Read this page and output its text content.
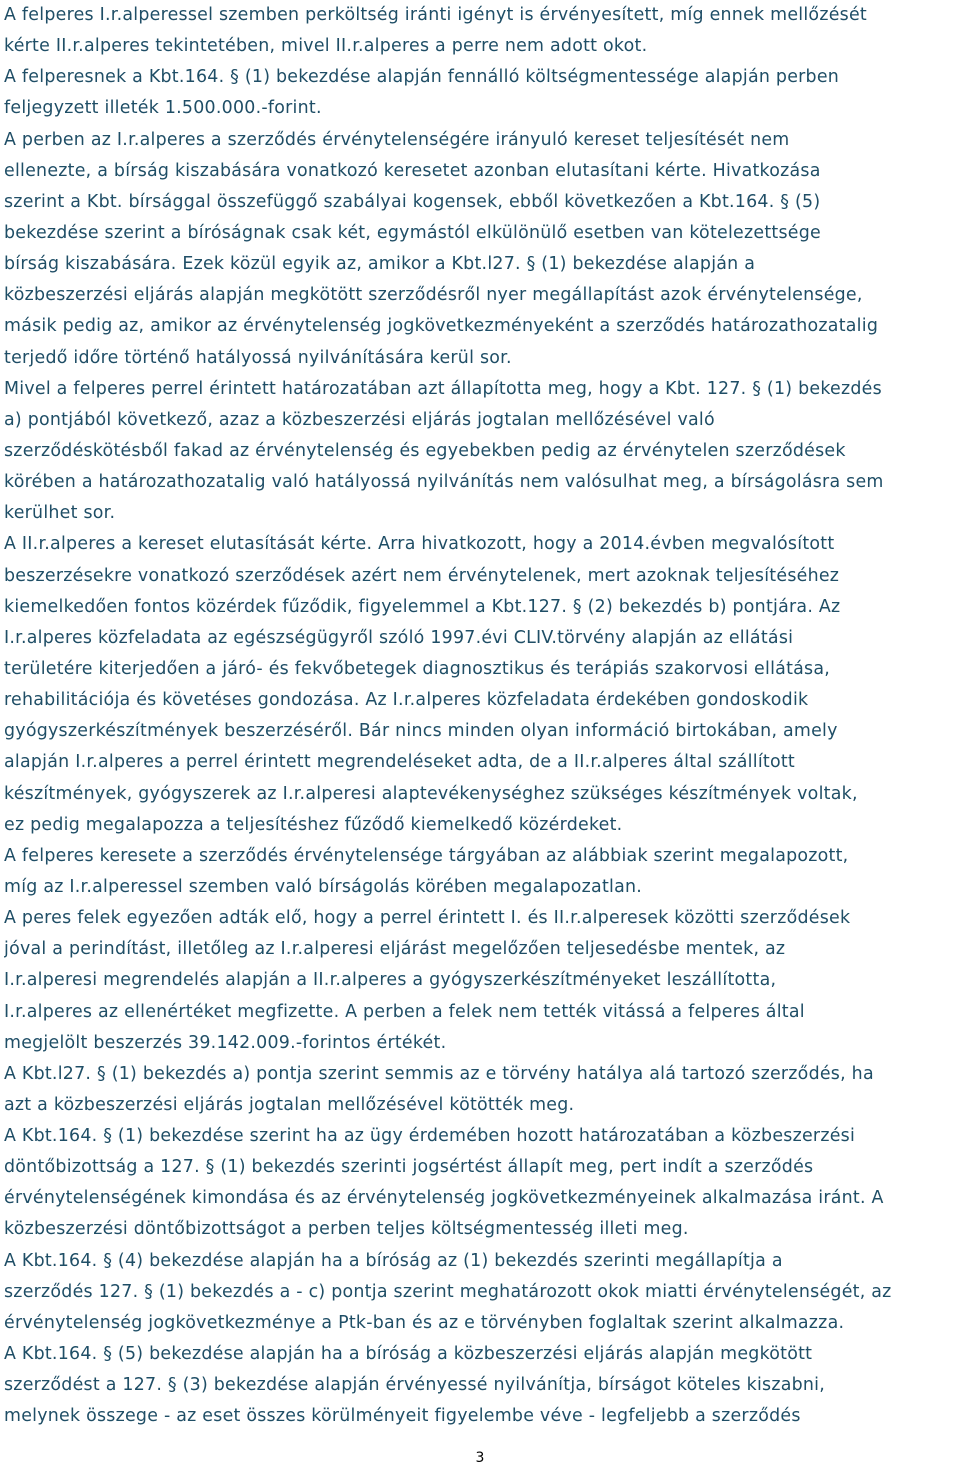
A felperes I.r.alperessel szemben perköltség iránti igényt is érvényesített, míg ennek mellőzését
kérte II.r.alperes tekintetében, mivel II.r.alperes a perre nem adott okot.
A felperesnek a Kbt.164. § (1) bekezdése alapján fennálló költségmentessége alapján perben
feljegyzett illeték 1.500.000.-forint.
A perben az I.r.alperes a szerződés érvénytelenségére irányuló kereset teljesítését nem
ellenezte, a bírság kiszabására vonatkozó keresetet azonban elutasítani kérte. Hivatkozása
szerint a Kbt. bírsággal összefüggő szabályai kogensek, ebből következően a Kbt.164. § (5)
bekezdése szerint a bíróságnak csak két, egymástól elkülönülő esetben van kötelezettsége
bírság kiszabására. Ezek közül egyik az, amikor a Kbt.l27. § (1) bekezdése alapján a
közbeszerzési eljárás alapján megkötött szerződésről nyer megállapítást azok érvénytelensége,
másik pedig az, amikor az érvénytelenség jogkövetkezményeként a szerződés határozathozatalig
terjedő időre történő hatályossá nyilvánítására kerül sor.
Mivel a felperes perrel érintett határozatában azt állapította meg, hogy a Kbt. 127. § (1) bekezdés
a) pontjából következő, azaz a közbeszerzési eljárás jogtalan mellőzésével való
szerződéskötésből fakad az érvénytelenség és egyebekben pedig az érvénytelen szerződések
körében a határozathozatalig való hatályossá nyilvánítás nem valósulhat meg, a bírságolásra sem
kerülhet sor.
A II.r.alperes a kereset elutasítását kérte. Arra hivatkozott, hogy a 2014.évben megvalósított
beszerzésekre vonatkozó szerződések azért nem érvénytelenek, mert azoknak teljesítéséhez
kiemelkedően fontos közérdek fűződik, figyelemmel a Kbt.127. § (2) bekezdés b) pontjára. Az
I.r.alperes közfeladata az egészségügyről szóló 1997.évi CLIV.törvény alapján az ellátási
területére kiterjedően a járó- és fekvőbetegek diagnosztikus és terápiás szakorvosi ellátása,
rehabilitációja és követéses gondozása. Az I.r.alperes közfeladata érdekében gondoskodik
gyógyszerkészítmények beszerzéséről. Bár nincs minden olyan információ birtokában, amely
alapján I.r.alperes a perrel érintett megrendeléseket adta, de a II.r.alperes által szállított
készítmények, gyógyszerek az I.r.alperesi alaptevékenységhez szükséges készítmények voltak,
ez pedig megalapozza a teljesítéshez fűződő kiemelkedő közérdeket.
A felperes keresete a szerződés érvénytelensége tárgyában az alábbiak szerint megalapozott,
míg az I.r.alperessel szemben való bírságolás körében megalapozatlan.
A peres felek egyezően adták elő, hogy a perrel érintett I. és II.r.alperesek közötti szerződések
jóval a perindítást, illetőleg az I.r.alperesi eljárást megelőzően teljesedésbe mentek, az
I.r.alperesi megrendelés alapján a II.r.alperes a gyógyszerkészítményeket leszállította,
I.r.alperes az ellenértéket megfizette. A perben a felek nem tették vitássá a felperes által
megjelölt beszerzés 39.142.009.-forintos értékét.
A Kbt.l27. § (1) bekezdés a) pontja szerint semmis az e törvény hatálya alá tartozó szerződés, ha
azt a közbeszerzési eljárás jogtalan mellőzésével kötötték meg.
A Kbt.164. § (1) bekezdése szerint ha az ügy érdemében hozott határozatában a közbeszerzési
döntőbizottság a 127. § (1) bekezdés szerinti jogsértést állapít meg, pert indít a szerződés
érvénytelenségének kimondása és az érvénytelenség jogkövetkezményeinek alkalmazása iránt. A
közbeszerzési döntőbizottságot a perben teljes költségmentesség illeti meg.
A Kbt.164. § (4) bekezdése alapján ha a bíróság az (1) bekezdés szerinti megállapítja a
szerződés 127. § (1) bekezdés a - c) pontja szerint meghatározott okok miatti érvénytelenségét, az
érvénytelenség jogkövetkezménye a Ptk-ban és az e törvényben foglaltak szerint alkalmazza.
A Kbt.164. § (5) bekezdése alapján ha a bíróság a közbeszerzési eljárás alapján megkötött
szerződést a 127. § (3) bekezdése alapján érvényessé nyilvánítja, bírságot köteles kiszabni,
melynek összege - az eset összes körülményeit figyelembe véve - legfeljebb a szerződés
3
